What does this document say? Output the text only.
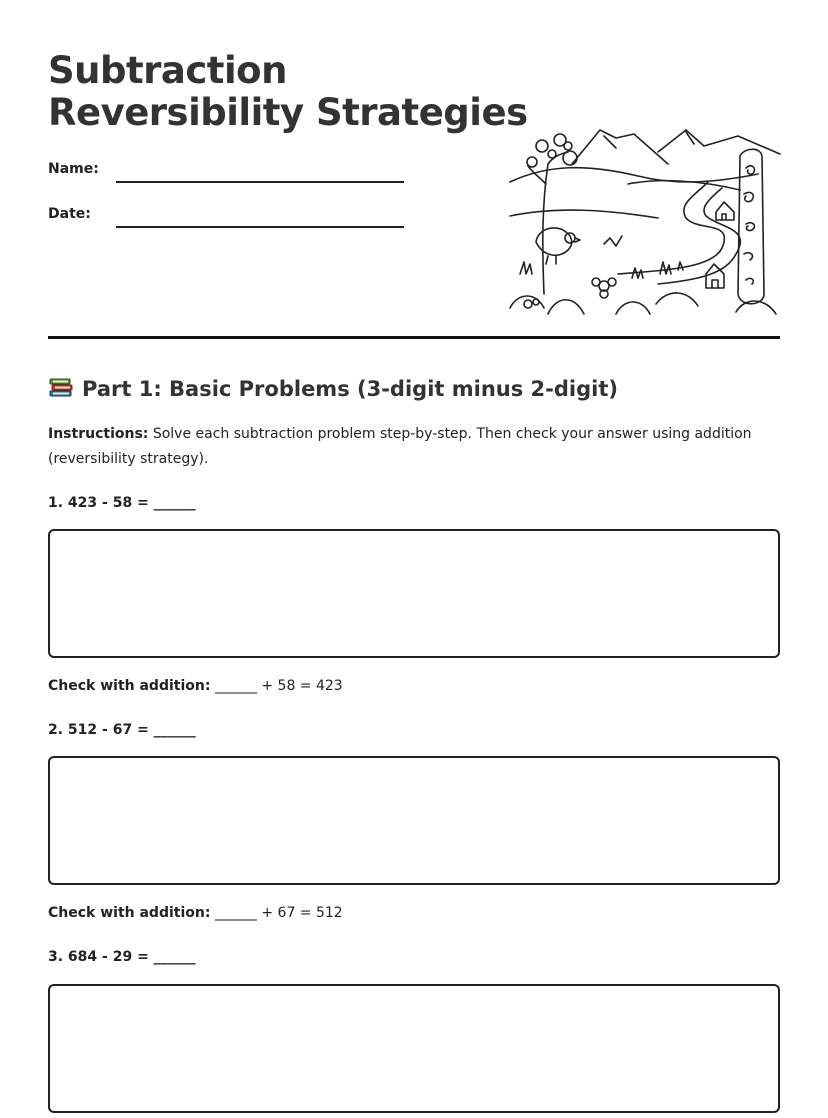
Subtraction
Reversibility Strategies
Name:
Date:
Part 1: Basic Problems (3-digit minus 2-digit)
Instructions: Solve each subtraction problem step-by-step. Then check your answer using addition (reversibility strategy).
1. 423 - 58 = ______
Check with addition: ______ + 58 = 423
2. 512 - 67 = ______
Check with addition: ______ + 67 = 512
3. 684 - 29 = ______
